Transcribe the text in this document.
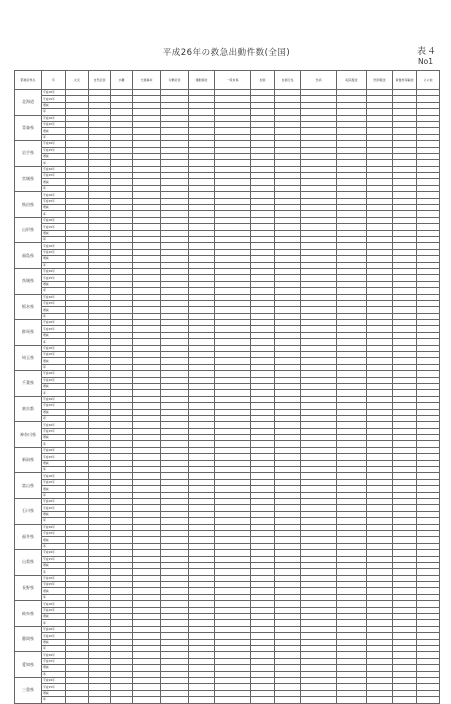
平成26年の救急出動件数(全国)	表４
No1
都道府県名	年	火災	自然災害	水難	交通事故	労働災害	運動競技	一般負傷	加害	自損行為	急病	転院搬送	医師搬送	資器材等輸送	その他
北海道	平成26年														
	平成25年														
	増減														
	率														
青森県	平成26年														
	平成25年														
	増減														
	率														
岩手県	平成26年														
	平成25年														
	増減														
	率														
宮城県	平成26年														
	平成25年														
	増減														
	率														
秋田県	平成26年														
	平成25年														
	増減														
	率														
山形県	平成26年														
	平成25年														
	増減														
	率														
福島県	平成26年														
	平成25年														
	増減														
	率														
茨城県	平成26年														
	平成25年														
	増減														
	率														
栃木県	平成26年														
	平成25年														
	増減														
	率														
群馬県	平成26年														
	平成25年														
	増減														
	率														
埼玉県	平成26年														
	平成25年														
	増減														
	率														
千葉県	平成26年														
	平成25年														
	増減														
	率														
東京都	平成26年														
	平成25年														
	増減														
	率														
神奈川県	平成26年														
	平成25年														
	増減														
	率														
新潟県	平成26年														
	平成25年														
	増減														
	率														
富山県	平成26年														
	平成25年														
	増減														
	率														
石川県	平成26年														
	平成25年														
	増減														
	率														
福井県	平成26年														
	平成25年														
	増減														
	率														
山梨県	平成26年														
	平成25年														
	増減														
	率														
長野県	平成26年														
	平成25年														
	増減														
	率														
岐阜県	平成26年														
	平成25年														
	増減														
	率														
静岡県	平成26年														
	平成25年														
	増減														
	率														
愛知県	平成26年														
	平成25年														
	増減														
	率														
三重県	平成26年														
	平成25年														
	増減														
	率														
